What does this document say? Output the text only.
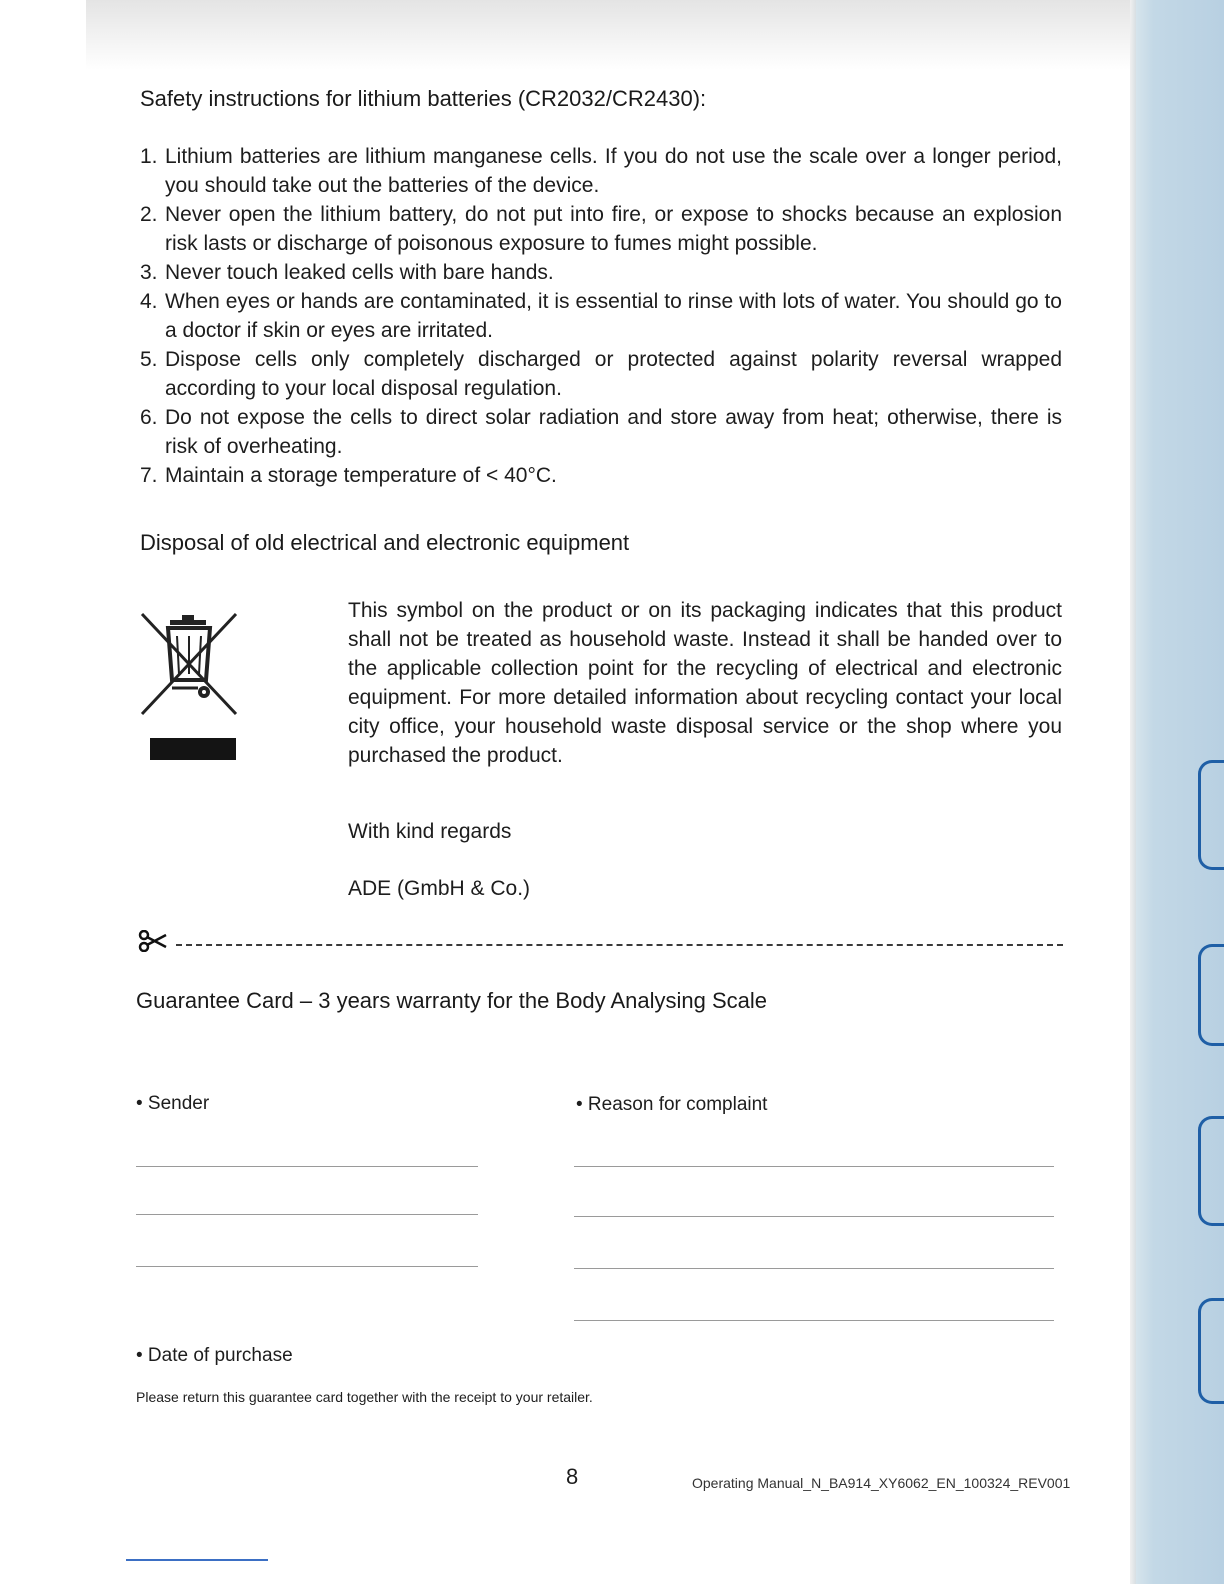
Safety instructions for lithium batteries (CR2032/CR2430):
1. Lithium batteries are lithium manganese cells. If you do not use the scale over a longer period, you should take out the batteries of the device.
2. Never open the lithium battery, do not put into fire, or expose to shocks because an explosion risk lasts or discharge of poisonous exposure to fumes might possible.
3. Never touch leaked cells with bare hands.
4. When eyes or hands are contaminated, it is essential to rinse with lots of water. You should go to a doctor if skin or eyes are irritated.
5. Dispose cells only completely discharged or protected against polarity reversal wrapped according to your local disposal regulation.
6. Do not expose the cells to direct solar radiation and store away from heat; otherwise, there is risk of overheating.
7. Maintain a storage temperature of < 40°C.
Disposal of old electrical and electronic equipment
This symbol on the product or on its packaging indicates that this product shall not be treated as household waste. Instead it shall be handed over to the applicable collection point for the recycling of electrical and electronic equipment. For more detailed information about recycling contact your local city office, your household waste disposal service or the shop where you purchased the product.
With kind regards
ADE (GmbH & Co.)
Guarantee Card – 3 years warranty for the Body Analysing Scale
• Sender	• Reason for complaint
• Date of purchase
Please return this guarantee card together with the receipt to your retailer.
8	Operating Manual_N_BA914_XY6062_EN_100324_REV001
